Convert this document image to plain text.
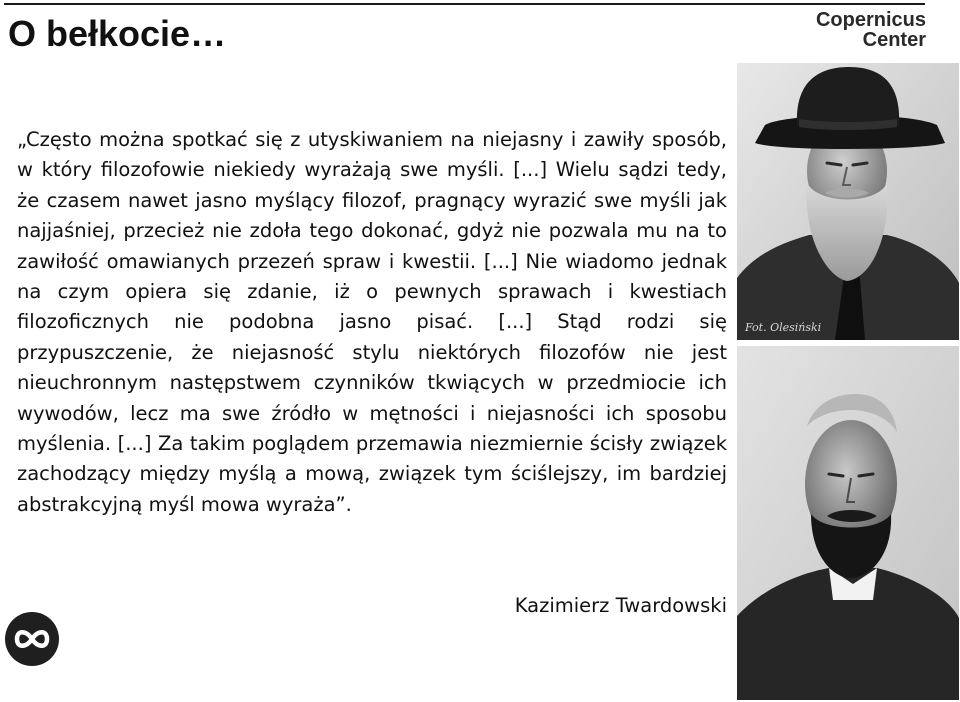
O bełkocie…	Copernicus
Center

„Często można spotkać się z utyskiwaniem na niejasny i zawiły sposób, w który filozofowie niekiedy wyrażają swe myśli. [...] Wielu sądzi tedy, że czasem nawet jasno myślący filozof, pragnący wyrazić swe myśli jak najjaśniej, przecież nie zdoła tego dokonać, gdyż nie pozwala mu na to zawiłość omawianych przezeń spraw i kwestii. [...] Nie wiadomo jednak na czym opiera się zdanie, iż o pewnych sprawach i kwestiach filozoficznych nie podobna jasno pisać. [...] Stąd rodzi się przypuszczenie, że niejasność stylu niektórych filozofów nie jest nieuchronnym następstwem czynników tkwiących w przedmiocie ich wywodów, lecz ma swe źródło w mętności i niejasności ich sposobu myślenia. [...] Za takim poglądem przemawia niezmiernie ścisły związek zachodzący między myślą a mową, związek tym ściślejszy, im bardziej abstrakcyjną myśl mowa wyraża”.

Kazimierz Twardowski
Fot. Olesiński
